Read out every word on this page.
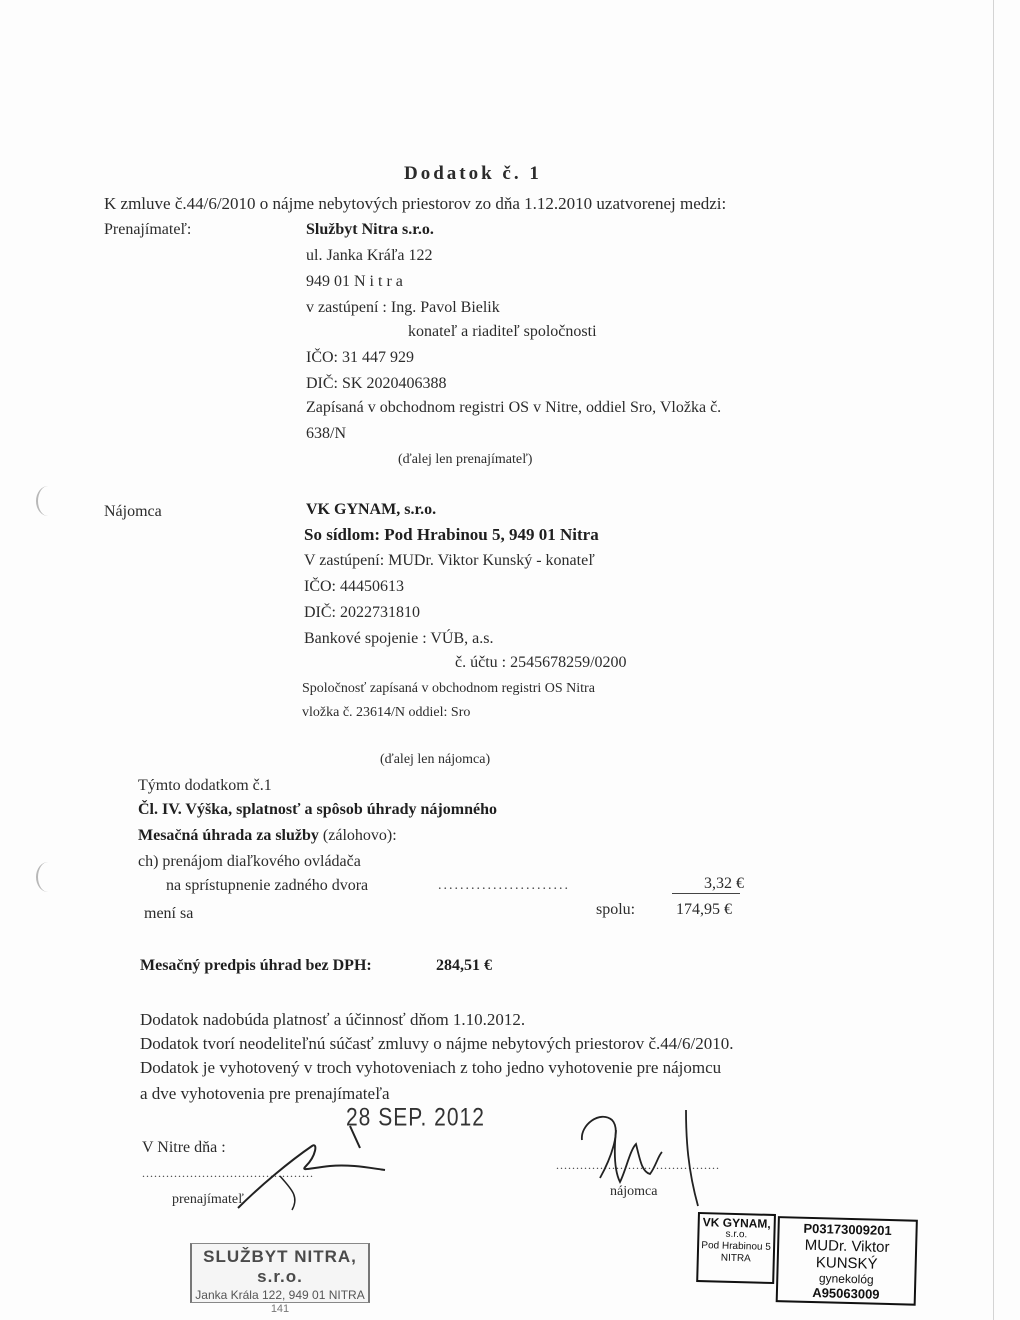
Dodatok č. 1
K zmluve č.44/6/2010 o nájme nebytových priestorov zo dňa 1.12.2010 uzatvorenej medzi:
Prenajímateľ:	Službyt Nitra s.r.o.
ul. Janka Kráľa 122
949 01 N i t r a
v zastúpení : Ing. Pavol Bielik
konateľ a riaditeľ spoločnosti
IČO: 31 447 929
DIČ: SK 2020406388
Zapísaná v obchodnom registri OS v Nitre, oddiel Sro, Vložka č.
638/N
(ďalej len prenajímateľ)
Nájomca	VK GYNAM, s.r.o.
So sídlom: Pod Hrabinou 5, 949 01 Nitra
V zastúpení: MUDr. Viktor Kunský - konateľ
IČO: 44450613
DIČ: 2022731810
Bankové spojenie : VÚB, a.s.
č. účtu : 2545678259/0200
Spoločnosť zapísaná v obchodnom registri OS Nitra
vložka č. 23614/N oddiel: Sro
(ďalej len nájomca)
Týmto dodatkom č.1
Čl. IV. Výška, splatnosť a spôsob úhrady nájomného
Mesačná úhrada za služby (zálohovo):
ch) prenájom diaľkového ovládača
na sprístupnenie zadného dvora	........................	3,32 €
mení sa	spolu:	174,95 €
Mesačný predpis úhrad bez DPH:	284,51 €
Dodatok nadobúda platnosť a účinnosť dňom 1.10.2012.
Dodatok tvorí neodeliteľnú súčasť zmluvy o nájme nebytových priestorov č.44/6/2010.
Dodatok je vyhotovený v troch vyhotoveniach z toho jedno vyhotovenie pre nájomcu
a dve vyhotovenia pre prenajímateľa
28 SEP. 2012
V Nitre dňa :
...........................................
.........................................
prenajímateľ
nájomca
SLUŽBYT NITRA, s.r.o.
Janka Krála 122, 949 01 NITRA
141
VK GYNAM,
s.r.o.
Pod Hrabinou 5
NITRA
P03173009201
MUDr. Viktor KUNSKÝ
gynekológ
A95063009
